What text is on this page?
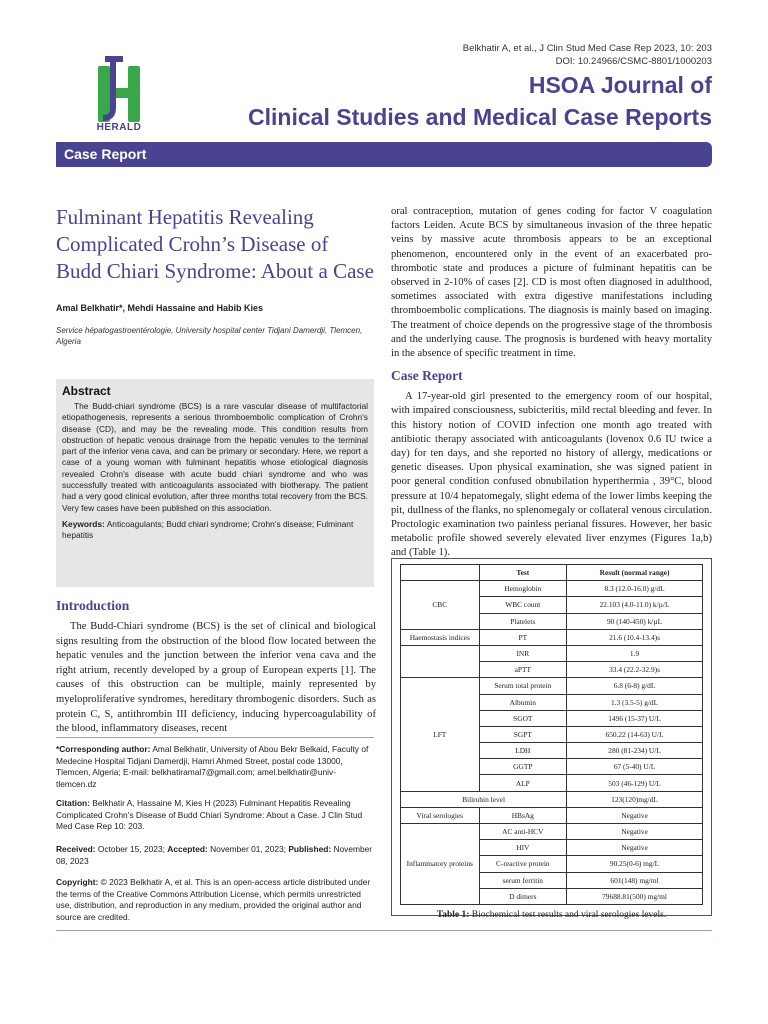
Belkhatir A, et al., J Clin Stud Med Case Rep 2023, 10: 203
DOI: 10.24966/CSMC-8801/1000203
HERALD
HSOA Journal of
Clinical Studies and Medical Case Reports
Case Report
Fulminant Hepatitis Revealing Complicated Crohn’s Disease of Budd Chiari Syndrome: About a Case
Amal Belkhatir*, Mehdi Hassaine and Habib Kies
Service hépatogastroentérologie, University hospital center Tidjani Damerdji, Tlemcen, Algeria
Abstract

The Budd-chiari syndrome (BCS) is a rare vascular disease of multifactorial etiopathogenesis, represents a serious thromboembolic complication of Crohn's disease (CD), and may be the revealing mode. This condition results from obstruction of hepatic venous drainage from the hepatic venules to the terminal part of the inferior vena cava, and can be primary or secondary. Here, we report a case of a young woman with fulminant hepatitis whose etiological diagnosis revealed Crohn's disease with acute budd chiari syndrome and who was successfully treated with anticoagulants associated with biotherapy. The patient had a very good clinical evolution, after three months total recovery from the BCS. Very few cases have been published on this association.

Keywords: Anticoagulants; Budd chiari syndrome; Crohn’s disease; Fulminant hepatitis
Introduction

The Budd-Chiari syndrome (BCS) is the set of clinical and biological signs resulting from the obstruction of the blood flow located between the hepatic venules and the junction between the inferior vena cava and the right atrium, recently developed by a group of European experts [1]. The causes of this obstruction can be multiple, mainly represented by myeloproliferative syndromes, hereditary thrombogenic disorders. Such as protein C, S, antithrombin III deficiency, inducing hypercoagulability of the blood, inflammatory diseases, recent

*Corresponding author: Amal Belkhatir, University of Abou Bekr Belkaid, Faculty of Medecine Hospital Tidjani Damerdji, Hamri Ahmed Street, postal code 13000, Tlemcen, Algeria; E-mail: belkhatiramal7@gmail.com; amel.belkhatir@univ-tlemcen.dz
Citation: Belkhatir A, Hassaine M, Kies H (2023) Fulminant Hepatitis Revealing Complicated Crohn’s Disease of Budd Chiari Syndrome: About a Case. J Clin Stud Med Case Rep 10: 203.
Received: October 15, 2023; Accepted: November 01, 2023; Published: November 08, 2023
Copyright: © 2023 Belkhatir A, et al. This is an open-access article distributed under the terms of the Creative Commons Attribution License, which permits unrestricted use, distribution, and reproduction in any medium, provided the original author and source are credited.

oral contraception, mutation of genes coding for factor V coagulation factors Leiden. Acute BCS by simultaneous invasion of the three hepatic veins by massive acute thrombosis appears to be an exceptional phenomenon, encountered only in the event of an exacerbated pro-thrombotic state and produces a picture of fulminant hepatitis can be observed in 2-10% of cases [2]. CD is most often diagnosed in adulthood, sometimes associated with extra digestive manifestations including thromboembolic complications. The diagnosis is mainly based on imaging. The treatment of choice depends on the progressive stage of the thrombosis and the underlying cause. The prognosis is burdened with heavy mortality in the absence of specific treatment in time.

Case Report

A 17-year-old girl presented to the emergency room of our hospital, with impaired consciousness, subicteritis, mild rectal bleeding and fever. In this history notion of COVID infection one month ago treated with antibiotic therapy associated with anticoagulants (lovenox 0.6 IU twice a day) for ten days, and she reported no history of allergy, medications or genetic diseases. Upon physical examination, she was signed patient in poor general condition confused obnubilation hyperthermia , 39°C, blood pressure at 10/4 hepatomegaly, slight edema of the lower limbs keeping the pit, dullness of the flanks, no splenomegaly or collateral venous circulation. Proctologic examination two painless perianal fissures. However, her basic metabolic profile showed severely elevated liver enzymes (Figures 1a,b) and (Table 1).

	Test	Result (normal range)
CBC	Hemoglobin	8.3 (12.0-16.0) g/dL
	WBC count	22.103 (4.0-11.0) k/µ/L
	Platelets	90 (140-450) k/µL
Haemostasis indices	PT	21.6 (10.4-13.4)s
	INR	1.9
	aPTT	33.4 (22.2-32.9)s
LFT	Serum total protein	6.8 (6-8) g/dL
	Albumin	1.3 (3.5-5) g/dL
	SGOT	1496 (15-37) U/L
	SGPT	650.22 (14-63) U/L
	LDH	280 (81-234) U/L
	GGTP	67 (5-40) U/L
	ALP	503 (46-129) U/L
Bilirubin level		123(120)mg/dL
Viral serologies	HBsAg	Negative
Inflammatory proteins	AC anti-HCV	Negative
	HIV	Negative
	C-reactive protein	90.25(0-6) mg/L
	serum ferritin	601(148) mg/ml
	D dimers	79688.81(500) mg/ml
Table 1: Biochemical test results and viral serologies levels.
